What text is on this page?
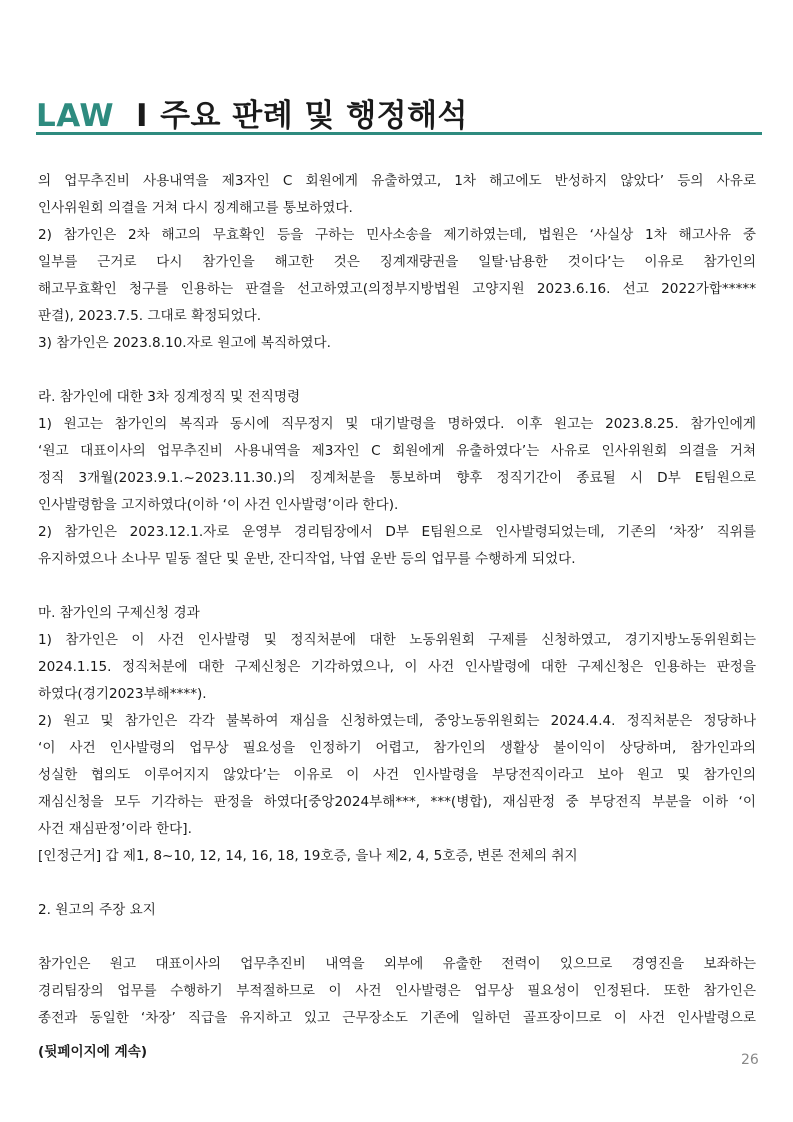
LAW I 주요 판례 및 행정해석
의 업무추진비 사용내역을 제3자인 C 회원에게 유출하였고, 1차 해고에도 반성하지 않았다’ 등의 사유로
인사위원회 의결을 거쳐 다시 징계해고를 통보하였다.
2) 참가인은 2차 해고의 무효확인 등을 구하는 민사소송을 제기하였는데, 법원은 ‘사실상 1차 해고사유 중
일부를 근거로 다시 참가인을 해고한 것은 징계재량권을 일탈·남용한 것이다’는 이유로 참가인의
해고무효확인 청구를 인용하는 판결을 선고하였고(의정부지방법원 고양지원 2023.6.16. 선고 2022가합*****
판결), 2023.7.5. 그대로 확정되었다.
3) 참가인은 2023.8.10.자로 원고에 복직하였다.
라. 참가인에 대한 3차 징계정직 및 전직명령
1) 원고는 참가인의 복직과 동시에 직무정지 및 대기발령을 명하였다. 이후 원고는 2023.8.25. 참가인에게
‘원고 대표이사의 업무추진비 사용내역을 제3자인 C 회원에게 유출하였다’는 사유로 인사위원회 의결을 거쳐
정직 3개월(2023.9.1.~2023.11.30.)의 징계처분을 통보하며 향후 정직기간이 종료될 시 D부 E팀원으로
인사발령함을 고지하였다(이하 ‘이 사건 인사발령’이라 한다).
2) 참가인은 2023.12.1.자로 운영부 경리팀장에서 D부 E팀원으로 인사발령되었는데, 기존의 ‘차장’ 직위를
유지하였으나 소나무 밑동 절단 및 운반, 잔디작업, 낙엽 운반 등의 업무를 수행하게 되었다.
마. 참가인의 구제신청 경과
1) 참가인은 이 사건 인사발령 및 정직처분에 대한 노동위원회 구제를 신청하였고, 경기지방노동위원회는
2024.1.15. 정직처분에 대한 구제신청은 기각하였으나, 이 사건 인사발령에 대한 구제신청은 인용하는 판정을
하였다(경기2023부해****).
2) 원고 및 참가인은 각각 불복하여 재심을 신청하였는데, 중앙노동위원회는 2024.4.4. 정직처분은 정당하나
‘이 사건 인사발령의 업무상 필요성을 인정하기 어렵고, 참가인의 생활상 불이익이 상당하며, 참가인과의
성실한 협의도 이루어지지 않았다’는 이유로 이 사건 인사발령을 부당전직이라고 보아 원고 및 참가인의
재심신청을 모두 기각하는 판정을 하였다[중앙2024부해***, ***(병합), 재심판정 중 부당전직 부분을 이하 ‘이
사건 재심판정’이라 한다].
[인정근거] 갑 제1, 8~10, 12, 14, 16, 18, 19호증, 을나 제2, 4, 5호증, 변론 전체의 취지
2. 원고의 주장 요지
참가인은 원고 대표이사의 업무추진비 내역을 외부에 유출한 전력이 있으므로 경영진을 보좌하는
경리팀장의 업무를 수행하기 부적절하므로 이 사건 인사발령은 업무상 필요성이 인정된다. 또한 참가인은
종전과 동일한 ‘차장’ 직급을 유지하고 있고 근무장소도 기존에 일하던 골프장이므로 이 사건 인사발령으로
(뒷페이지에 계속)	26
